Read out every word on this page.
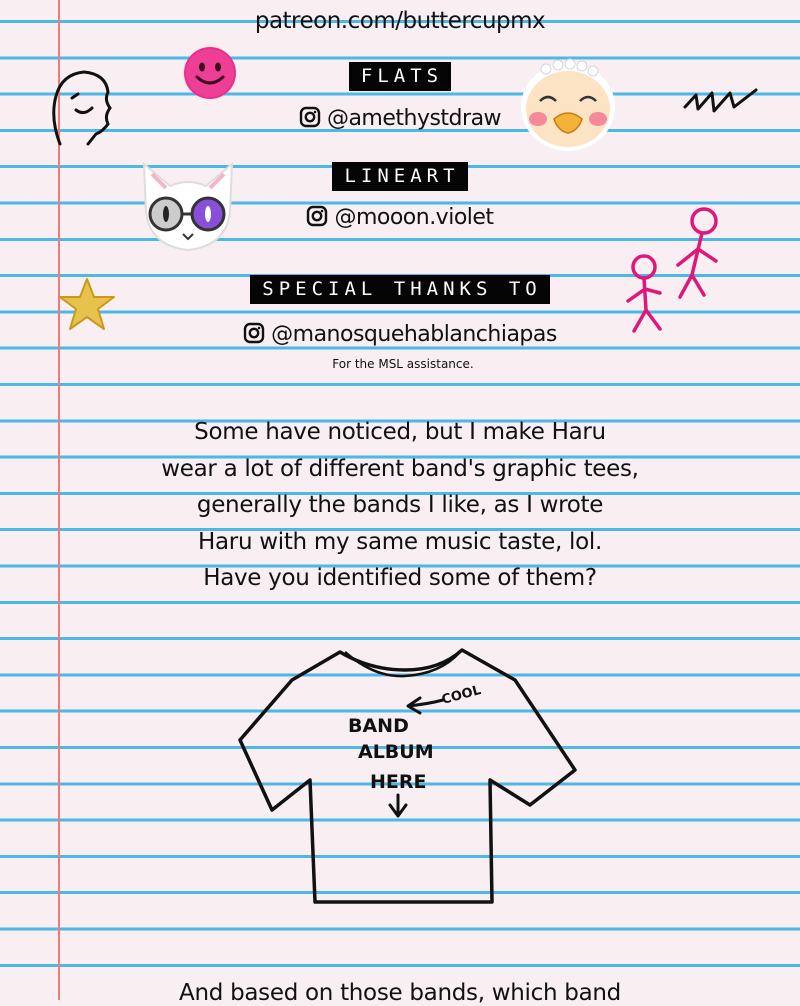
patreon.com/buttercupmx
FLATS
@amethystdraw
LINEART
@mooon.violet
SPECIAL THANKS TO
@manosquehablanchiapas
For the MSL assistance.
Some have noticed, but I make Haru
wear a lot of different band's graphic tees,
generally the bands I like, as I wrote
Haru with my same music taste, lol.
Have you identified some of them?
COOL
BAND
ALBUM
HERE
And based on those bands, which band
